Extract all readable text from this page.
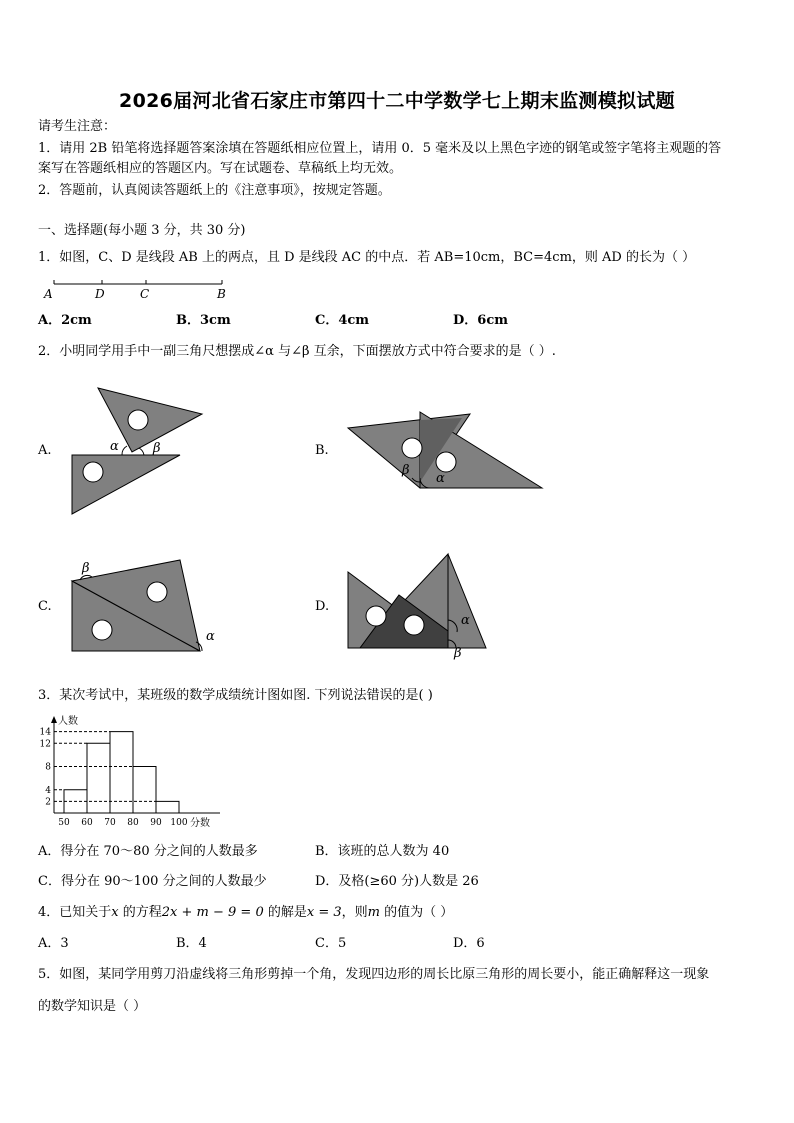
2026届河北省石家庄市第四十二中学数学七上期末监测模拟试题
请考生注意：
1．请用 2B 铅笔将选择题答案涂填在答题纸相应位置上，请用 0．5 毫米及以上黑色字迹的钢笔或签字笔将主观题的答
案写在答题纸相应的答题区内。写在试题卷、草稿纸上均无效。
2．答题前，认真阅读答题纸上的《注意事项》，按规定答题。
一、选择题(每小题 3 分，共 30 分)
1．如图，C、D 是线段 AB 上的两点，且 D 是线段 AC 的中点．若 AB=10cm，BC=4cm，则 AD 的长为（ ）
A	D	C	B
A．2cm	B．3cm	C．4cm	D．6cm
2．小明同学用手中一副三角尺想摆成∠α 与∠β 互余，下面摆放方式中符合要求的是（ ）.
A.	α	β	B.
β
α
C.
β
α
D.
α
β
3．某次考试中，某班级的数学成绩统计图如图. 下列说法错误的是( )
人数
分数
2
4
8
12
14
50 60 70 80 90 100
A．得分在 70～80 分之间的人数最多	B．该班的总人数为 40
C．得分在 90～100 分之间的人数最少	D．及格(≥60 分)人数是 26
4．已知关于x 的方程2x + m − 9 = 0 的解是x = 3，则m 的值为（ ）
A．3	B．4	C．5	D．6
5．如图，某同学用剪刀沿虚线将三角形剪掉一个角，发现四边形的周长比原三角形的周长要小，能正确解释这一现象
的数学知识是（ ）
